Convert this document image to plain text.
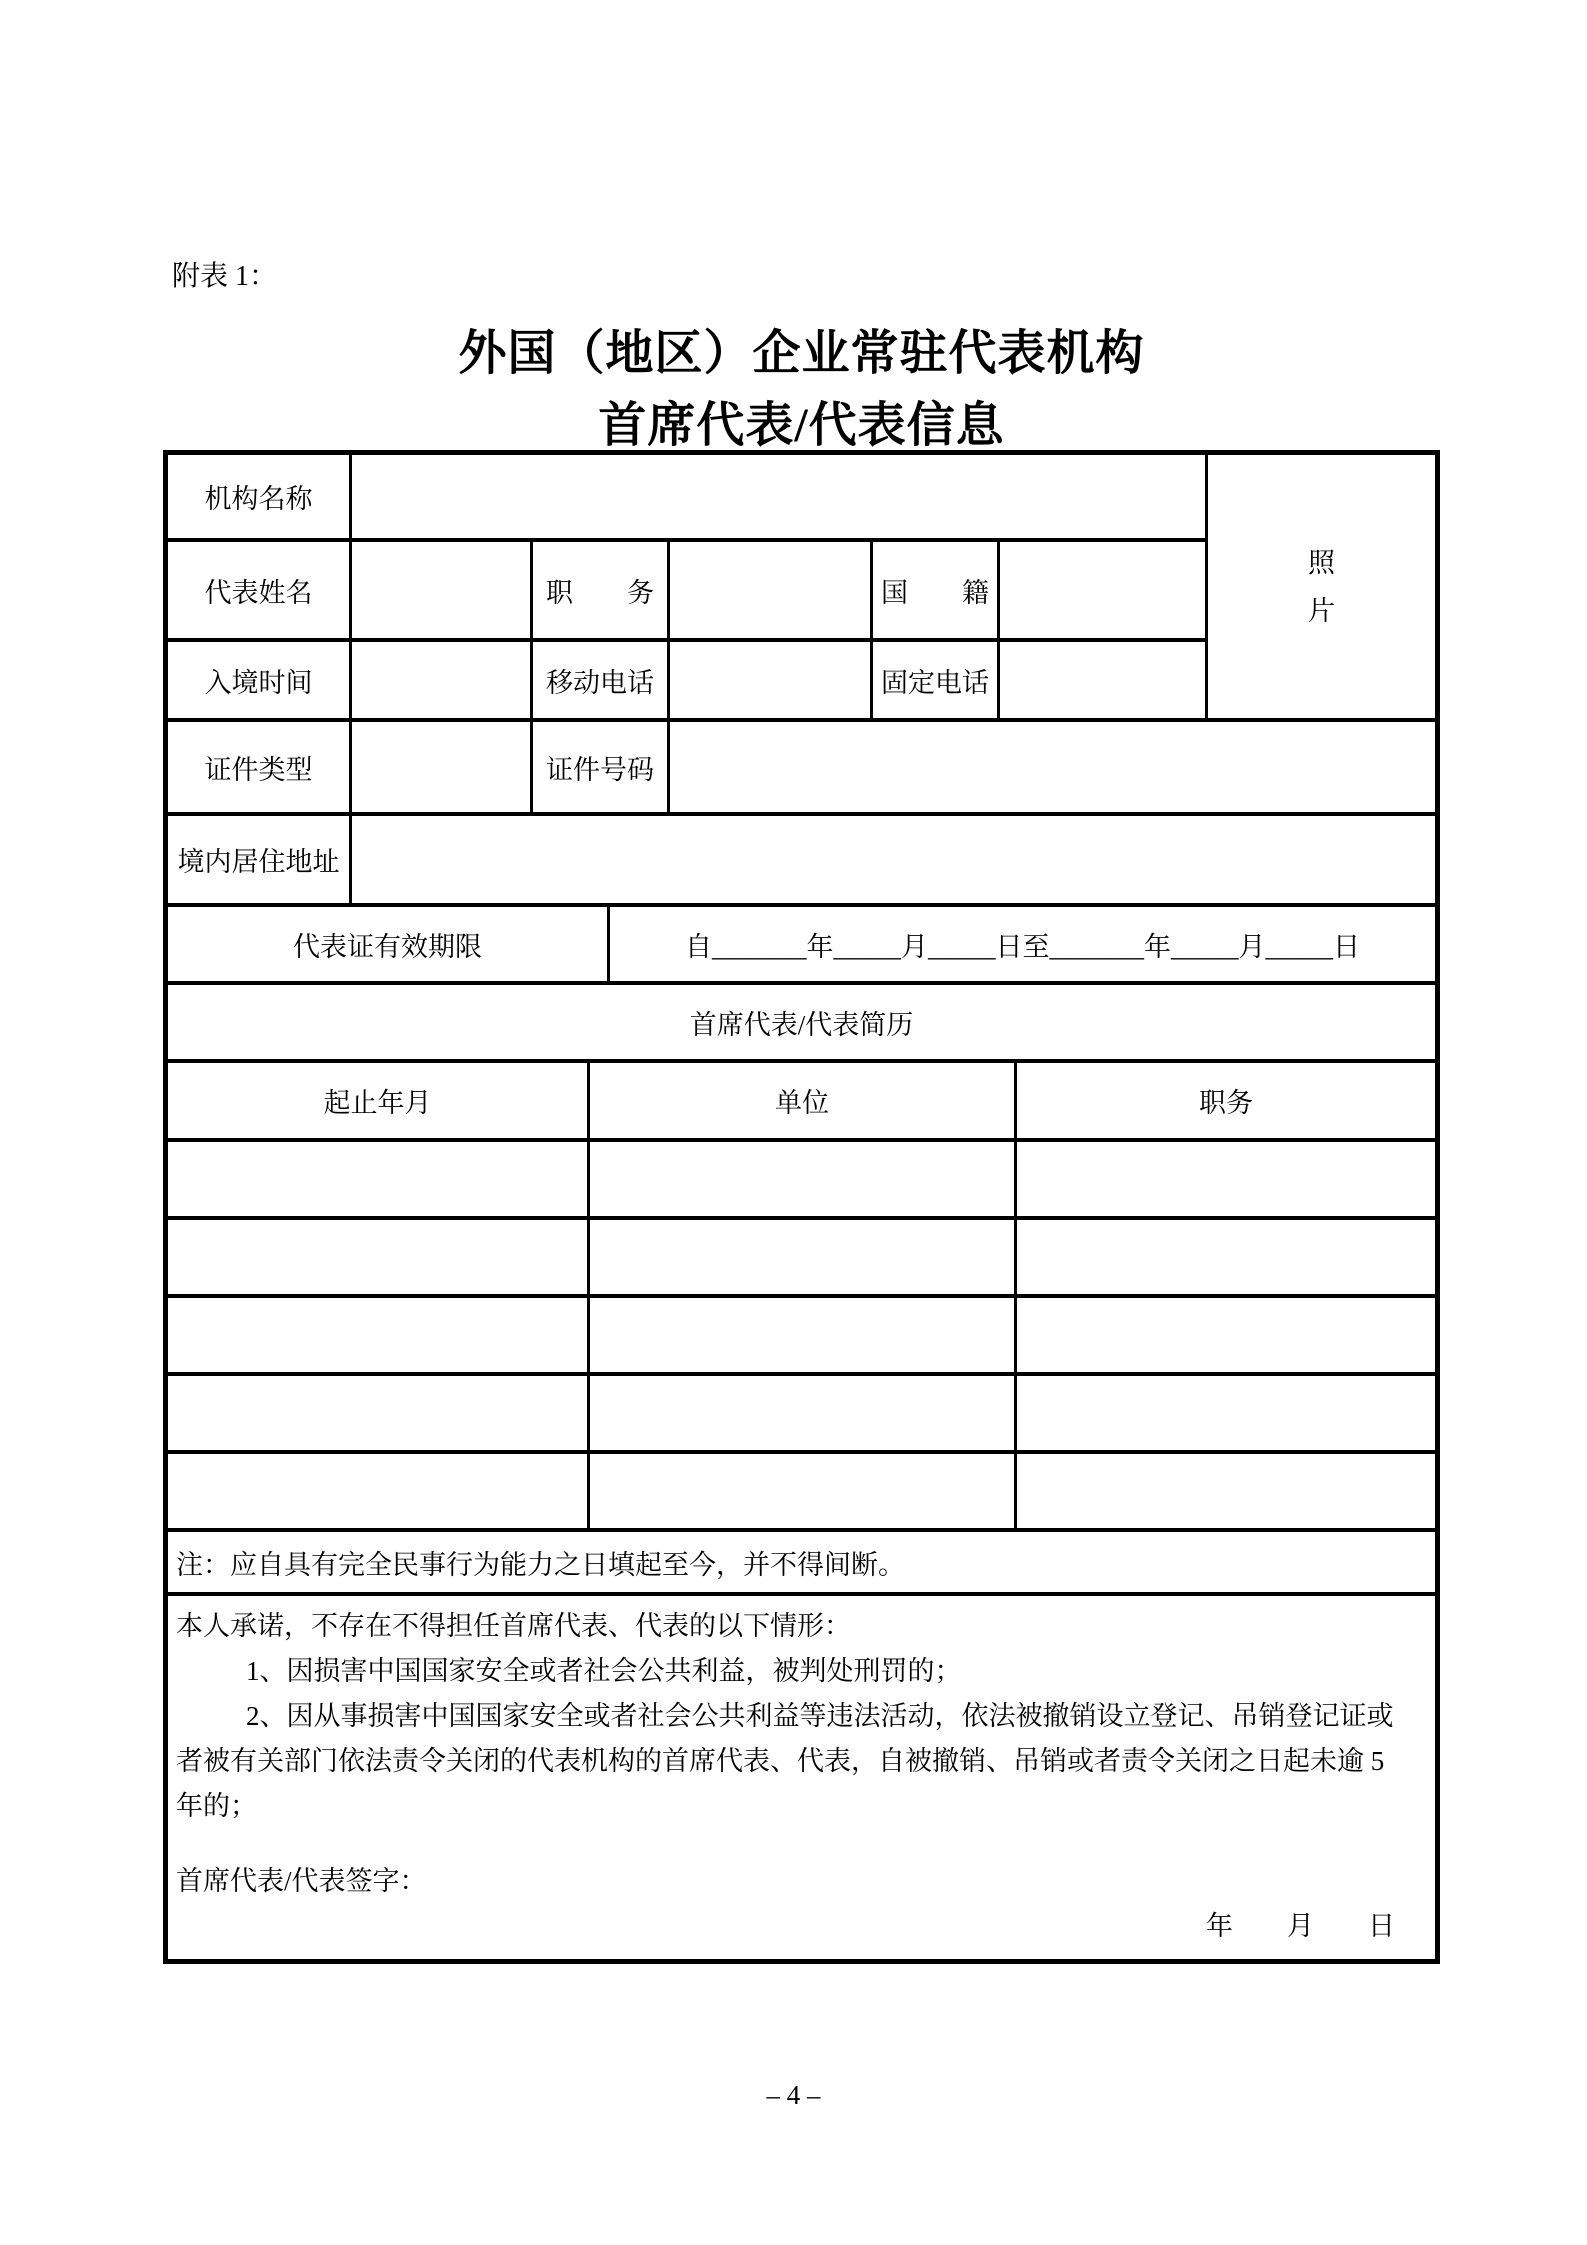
附表 1：
外国（地区）企业常驻代表机构
首席代表/代表信息
机构名称
代表姓名	职　　务	国　　籍
入境时间	移动电话	固定电话
照
片
证件类型	证件号码
境内居住地址
代表证有效期限	自_______年_____月_____日至_______年_____月_____日
首席代表/代表简历
起止年月	单位	职务
注：应自具有完全民事行为能力之日填起至今，并不得间断。
本人承诺，不存在不得担任首席代表、代表的以下情形：
1、因损害中国国家安全或者社会公共利益，被判处刑罚的；
2、因从事损害中国国家安全或者社会公共利益等违法活动，依法被撤销设立登记、吊销登记证或
者被有关部门依法责令关闭的代表机构的首席代表、代表，自被撤销、吊销或者责令关闭之日起未逾 5
年的；
首席代表/代表签字：
年　　月　　日
– 4 –
